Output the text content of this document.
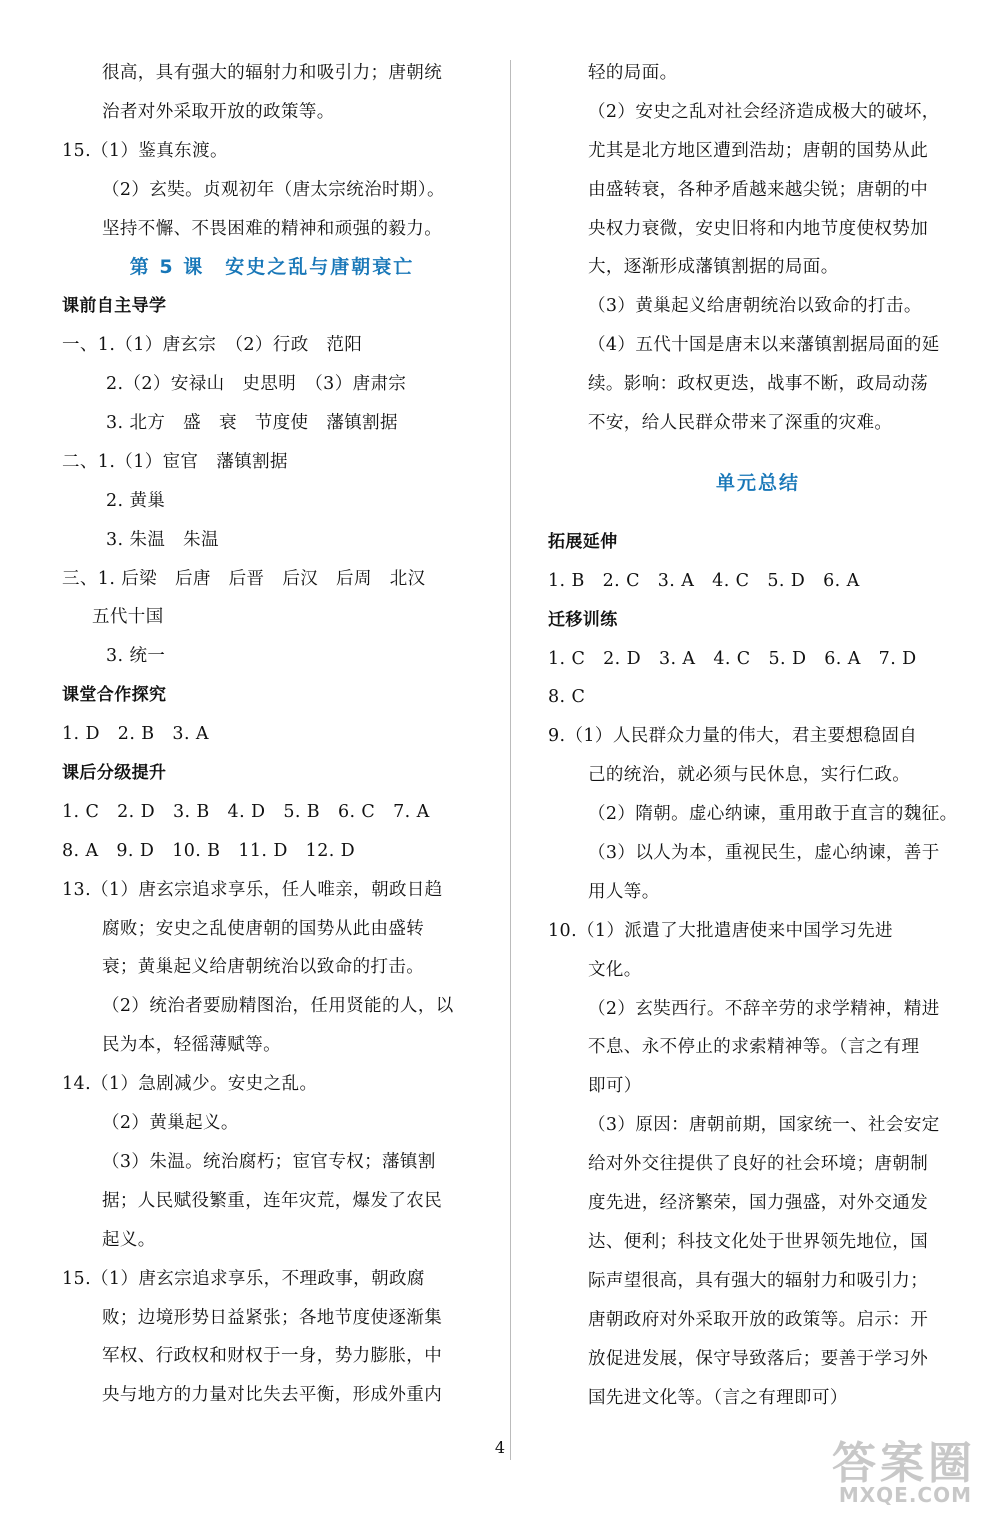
很高，具有强大的辐射力和吸引力；唐朝统
治者对外采取开放的政策等。
15.（1）鉴真东渡。
（2）玄奘。贞观初年（唐太宗统治时期）。
坚持不懈、不畏困难的精神和顽强的毅力。
第 5 课　安史之乱与唐朝衰亡
课前自主导学
一、1.（1）唐玄宗　（2）行政　范阳
2.（2）安禄山　史思明　（3）唐肃宗
3. 北方　盛　衰　节度使　藩镇割据
二、1.（1）宦官　藩镇割据
2. 黄巢
3. 朱温　朱温
三、1. 后梁　后唐　后晋　后汉　后周　北汉
五代十国
3. 统一
课堂合作探究
1. D　2. B　3. A
课后分级提升
1. C　2. D　3. B　4. D　5. B　6. C　7. A
8. A　9. D　10. B　11. D　12. D
13.（1）唐玄宗追求享乐，任人唯亲，朝政日趋
腐败；安史之乱使唐朝的国势从此由盛转
衰；黄巢起义给唐朝统治以致命的打击。
（2）统治者要励精图治，任用贤能的人，以
民为本，轻徭薄赋等。
14.（1）急剧减少。安史之乱。
（2）黄巢起义。
（3）朱温。统治腐朽；宦官专权；藩镇割
据；人民赋役繁重，连年灾荒，爆发了农民
起义。
15.（1）唐玄宗追求享乐，不理政事，朝政腐
败；边境形势日益紧张；各地节度使逐渐集
军权、行政权和财权于一身，势力膨胀，中
央与地方的力量对比失去平衡，形成外重内
轻的局面。
（2）安史之乱对社会经济造成极大的破坏，
尤其是北方地区遭到浩劫；唐朝的国势从此
由盛转衰，各种矛盾越来越尖锐；唐朝的中
央权力衰微，安史旧将和内地节度使权势加
大，逐渐形成藩镇割据的局面。
（3）黄巢起义给唐朝统治以致命的打击。
（4）五代十国是唐末以来藩镇割据局面的延
续。影响：政权更迭，战事不断，政局动荡
不安，给人民群众带来了深重的灾难。
单元总结
拓展延伸
1. B　2. C　3. A　4. C　5. D　6. A
迁移训练
1. C　2. D　3. A　4. C　5. D　6. A　7. D
8. C
9.（1）人民群众力量的伟大，君主要想稳固自
己的统治，就必须与民休息，实行仁政。
（2）隋朝。虚心纳谏，重用敢于直言的魏征。
（3）以人为本，重视民生，虚心纳谏，善于
用人等。
10.（1）派遣了大批遣唐使来中国学习先进
文化。
（2）玄奘西行。不辞辛劳的求学精神，精进
不息、永不停止的求索精神等。（言之有理
即可）
（3）原因：唐朝前期，国家统一、社会安定
给对外交往提供了良好的社会环境；唐朝制
度先进，经济繁荣，国力强盛，对外交通发
达、便利；科技文化处于世界领先地位，国
际声望很高，具有强大的辐射力和吸引力；
唐朝政府对外采取开放的政策等。启示：开
放促进发展，保守导致落后；要善于学习外
国先进文化等。（言之有理即可）
4	答案圈
MXQE.COM
